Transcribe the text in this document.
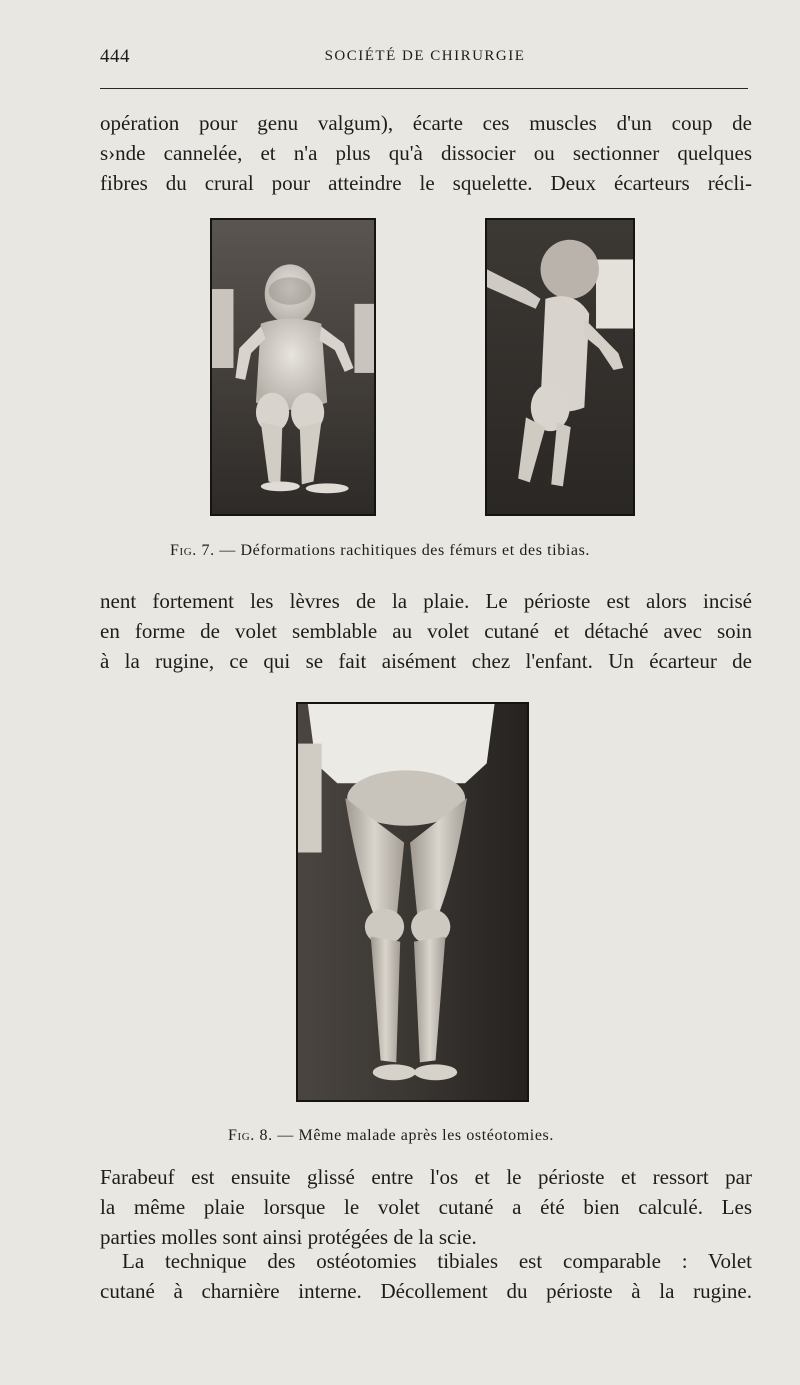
444	SOCIÉTÉ DE CHIRURGIE
opération pour genu valgum), écarte ces muscles d'un coup de
s›nde cannelée, et n'a plus qu'à dissocier ou sectionner quelques
fibres du crural pour atteindre le squelette. Deux écarteurs récli-
Fig. 7. — Déformations rachitiques des fémurs et des tibias.
nent fortement les lèvres de la plaie. Le périoste est alors incisé
en forme de volet semblable au volet cutané et détaché avec soin
à la rugine, ce qui se fait aisément chez l'enfant. Un écarteur de
Fig. 8. — Même malade après les ostéotomies.
Farabeuf est ensuite glissé entre l'os et le périoste et ressort par
la même plaie lorsque le volet cutané a été bien calculé. Les
parties molles sont ainsi protégées de la scie.
La technique des ostéotomies tibiales est comparable : Volet
cutané à charnière interne. Décollement du périoste à la rugine.
